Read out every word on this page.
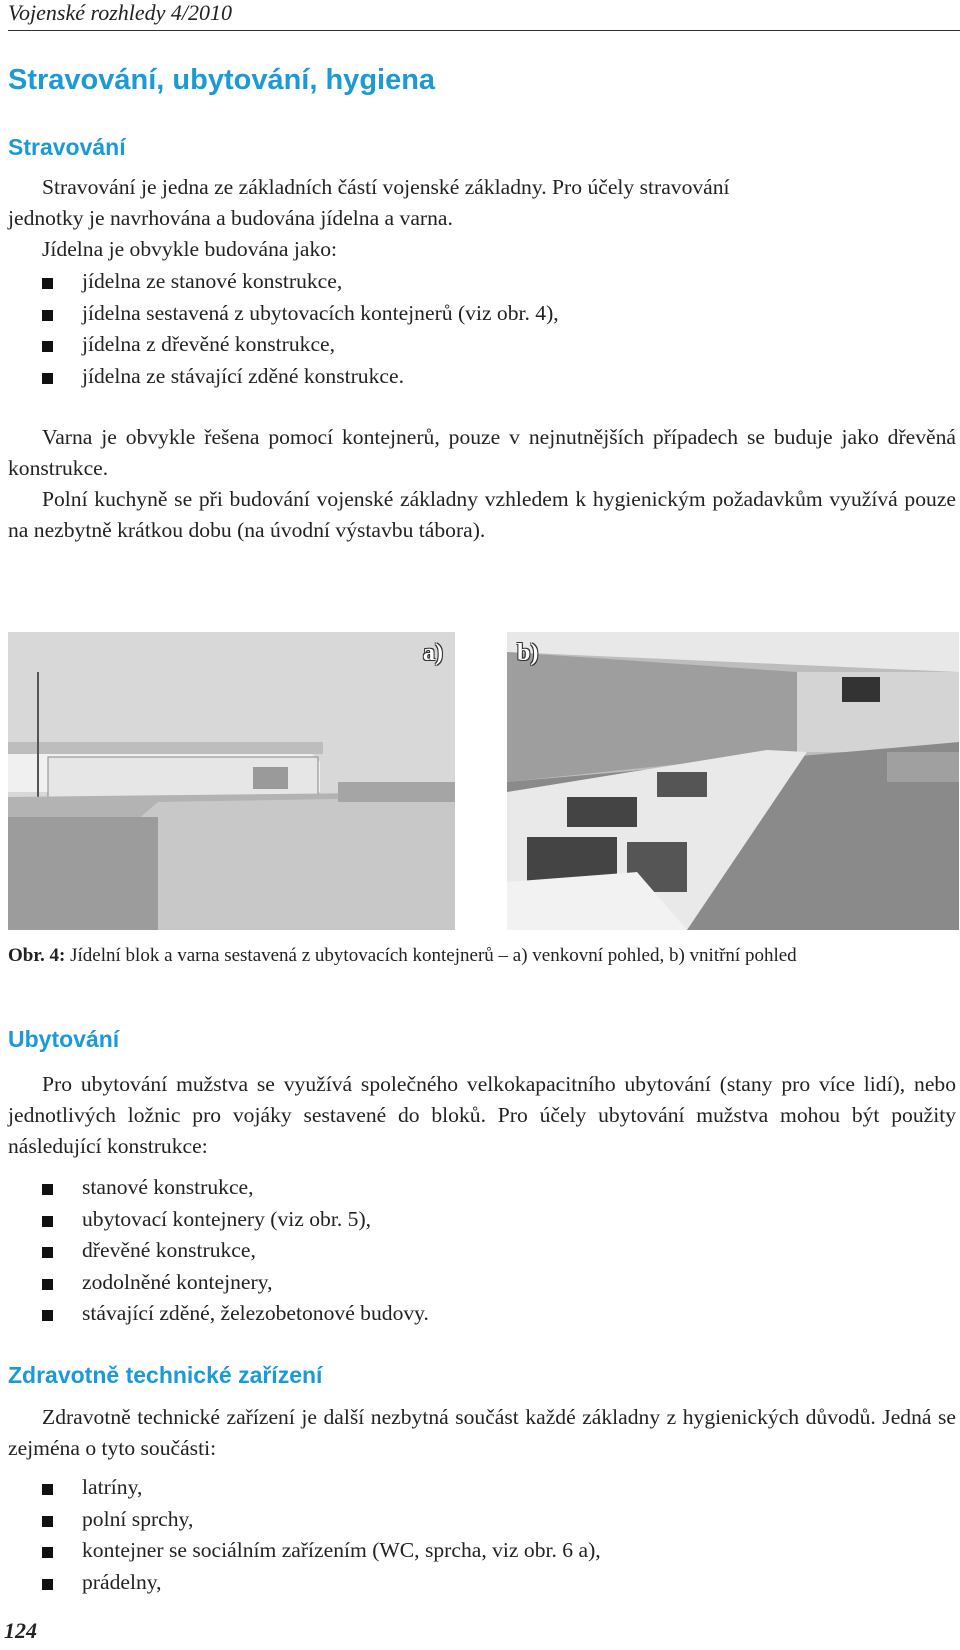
Vojenské rozhledy 4/2010
Stravování, ubytování, hygiena
Stravování
Stravování je jedna ze základních částí vojenské základny. Pro účely stravování
jednotky je navrhována a budována jídelna a varna.
Jídelna je obvykle budována jako:
jídelna ze stanové konstrukce,
jídelna sestavená z ubytovacích kontejnerů (viz obr. 4),
jídelna z dřevěné konstrukce,
jídelna ze stávající zděné konstrukce.

Varna je obvykle řešena pomocí kontejnerů, pouze v nejnutnějších případech se buduje jako dřevěná konstrukce.

Polní kuchyně se při budování vojenské základny vzhledem k hygienickým požadavkům využívá pouze na nezbytně krátkou dobu (na úvodní výstavbu tábora).

a)	b)
Obr. 4: Jídelní blok a varna sestavená z ubytovacích kontejnerů – a) venkovní pohled, b) vnitřní pohled
Ubytování

Pro ubytování mužstva se využívá společného velkokapacitního ubytování (stany pro více lidí), nebo jednotlivých ložnic pro vojáky sestavené do bloků. Pro účely ubytování mužstva mohou být použity následující konstrukce:

stanové konstrukce,
ubytovací kontejnery (viz obr. 5),
dřevěné konstrukce,
zodolněné kontejnery,
stávající zděné, železobetonové budovy.
Zdravotně technické zařízení

Zdravotně technické zařízení je další nezbytná součást každé základny z hygienických důvodů. Jedná se zejména o tyto součásti:

latríny,
polní sprchy,
kontejner se sociálním zařízením (WC, sprcha, viz obr. 6 a),
prádelny,
124
